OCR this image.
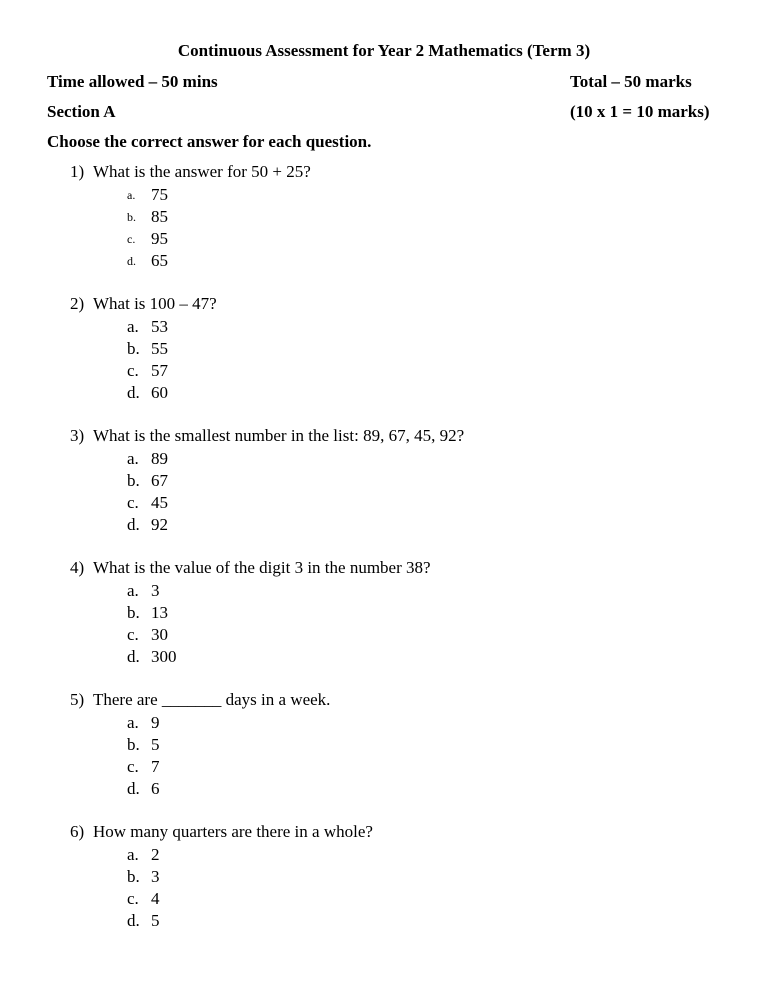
Continuous Assessment for Year 2 Mathematics (Term 3)
Time allowed – 50 mins	Total – 50 marks
Section A	(10 x 1 = 10 marks)
Choose the correct answer for each question.
1) What is the answer for 50 + 25?
a. 75
b. 85
c. 95
d. 65
2) What is 100 – 47?
a. 53
b. 55
c. 57
d. 60
3) What is the smallest number in the list: 89, 67, 45, 92?
a. 89
b. 67
c. 45
d. 92
4) What is the value of the digit 3 in the number 38?
a. 3
b. 13
c. 30
d. 300
5) There are _______ days in a week.
a. 9
b. 5
c. 7
d. 6
6) How many quarters are there in a whole?
a. 2
b. 3
c. 4
d. 5
